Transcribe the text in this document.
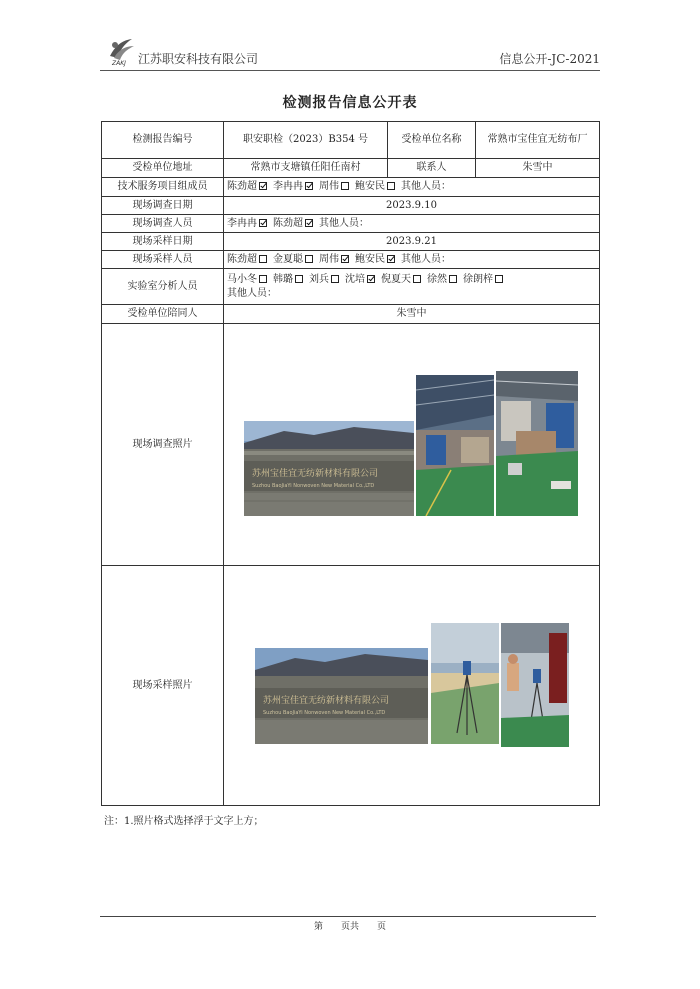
ZAKJ 江苏职安科技有限公司	信息公开-JC-2021
检测报告信息公开表
检测报告编号	职安职检（2023）B354 号	受检单位名称	常熟市宝佳宜无纺布厂
受检单位地址	常熟市支塘镇任阳任南村	联系人	朱雪中
技术服务项目组成员	陈劲超 李冉冉 周伟 鲍安民 其他人员：		
现场调查日期	2023.9.10		
现场调查人员	李冉冉 陈劲超 其他人员：		
现场采样日期	2023.9.21		
现场采样人员	陈劲超 金夏聪 周伟 鲍安民 其他人员：		
实验室分析人员	马小冬 韩璐 刘兵 沈培 倪夏天 徐然 徐朗梓
其他人员：		
受检单位陪同人	朱雪中		
现场调查照片	苏州宝佳宜无纺新材料有限公司
Suzhou BaoJiaYi Nonwoven New Material Co.,LTD		

现场采样照片	苏州宝佳宜无纺新材料有限公司
Suzhou BaoJiaYi Nonwoven New Material Co.,LTD		
注：1.照片格式选择浮于文字上方；
第　　页共　　页
